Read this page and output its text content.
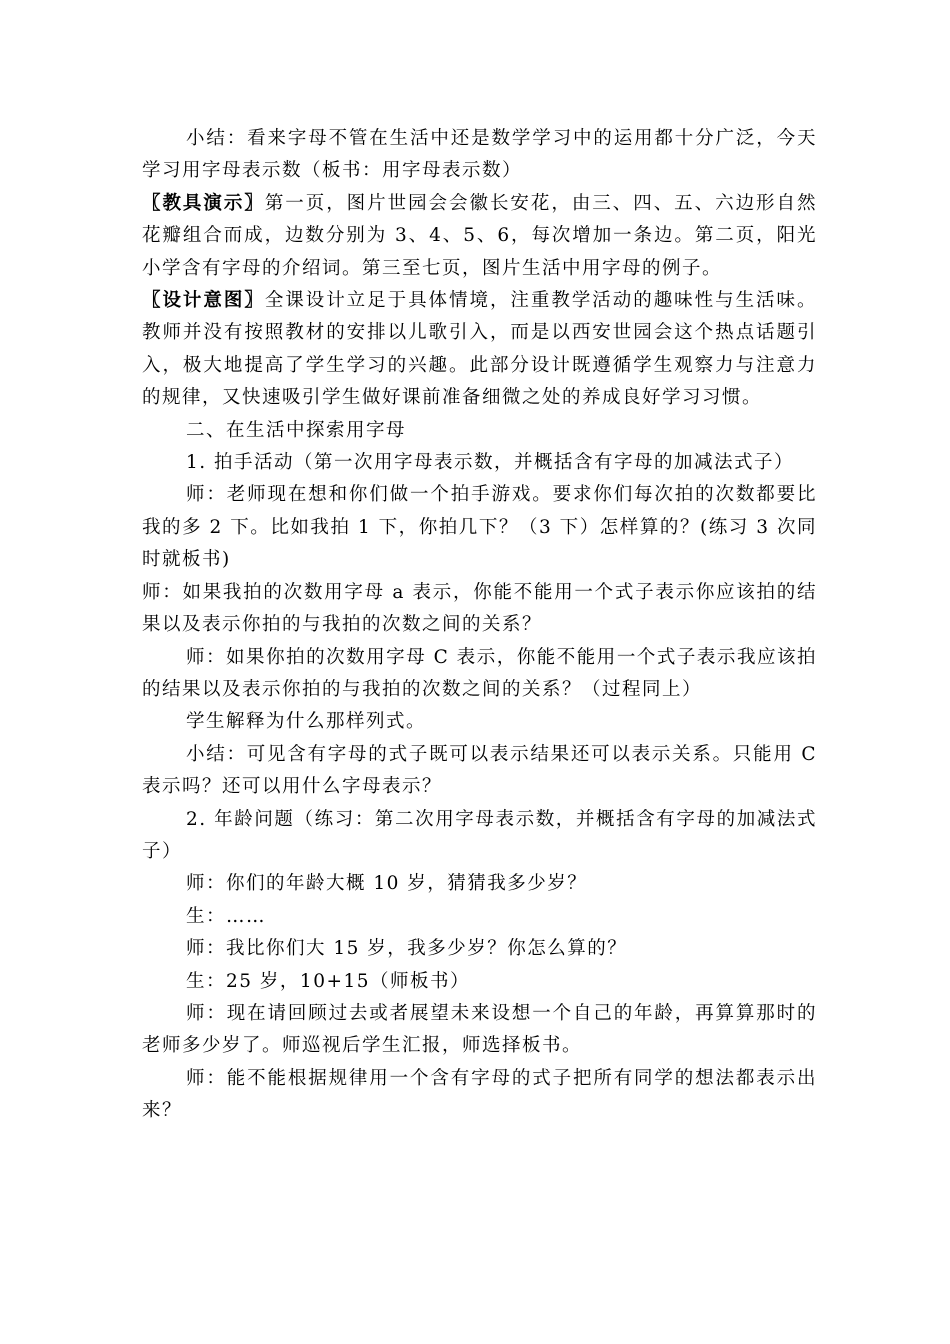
小结：看来字母不管在生活中还是数学学习中的运用都十分广泛，今天学习用字母表示数（板书：用字母表示数）

〖教具演示〗第一页，图片世园会会徽长安花，由三、四、五、六边形自然花瓣组合而成，边数分别为 3、4、5、6，每次增加一条边。第二页，阳光小学含有字母的介绍词。第三至七页，图片生活中用字母的例子。

〖设计意图〗全课设计立足于具体情境，注重教学活动的趣味性与生活味。教师并没有按照教材的安排以儿歌引入，而是以西安世园会这个热点话题引入，极大地提高了学生学习的兴趣。此部分设计既遵循学生观察力与注意力的规律，又快速吸引学生做好课前准备细微之处的养成良好学习习惯。

二、在生活中探索用字母

1. 拍手活动（第一次用字母表示数，并概括含有字母的加减法式子）

师：老师现在想和你们做一个拍手游戏。要求你们每次拍的次数都要比我的多 2 下。比如我拍 1 下，你拍几下？（3 下）怎样算的？(练习 3 次同时就板书)

师：如果我拍的次数用字母 a 表示，你能不能用一个式子表示你应该拍的结果以及表示你拍的与我拍的次数之间的关系？

师：如果你拍的次数用字母 C 表示，你能不能用一个式子表示我应该拍的结果以及表示你拍的与我拍的次数之间的关系？（过程同上）

学生解释为什么那样列式。

小结：可见含有字母的式子既可以表示结果还可以表示关系。只能用 C 表示吗？还可以用什么字母表示？

2. 年龄问题（练习：第二次用字母表示数，并概括含有字母的加减法式子）

师：你们的年龄大概 10 岁，猜猜我多少岁？

生：……

师：我比你们大 15 岁，我多少岁？你怎么算的？

生：25 岁，10+15（师板书）

师：现在请回顾过去或者展望未来设想一个自己的年龄，再算算那时的老师多少岁了。师巡视后学生汇报，师选择板书。

师：能不能根据规律用一个含有字母的式子把所有同学的想法都表示出来？
